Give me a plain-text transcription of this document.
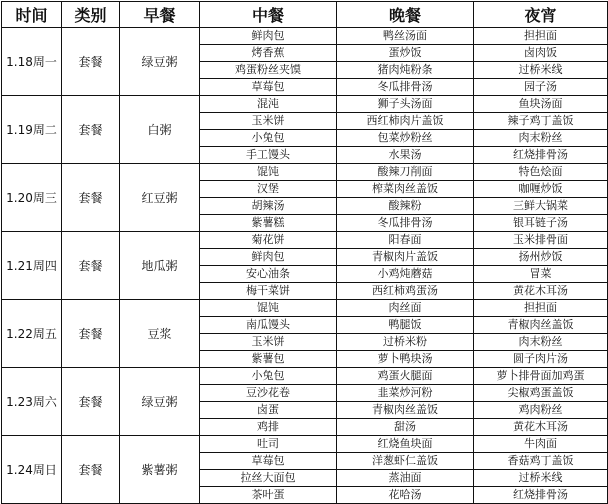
时间	类别	早餐	中餐	晚餐	夜宵	
1.18周一	套餐	绿豆粥	鲜肉包	鸭丝汤面	担担面	
			烤香蕉	蛋炒饭	卤肉饭	
			鸡蛋粉丝夹馍	猪肉炖粉条	过桥米线	
			草莓包	冬瓜排骨汤	园子汤	
1.19周二	套餐	白粥	混沌	狮子头汤面	鱼块汤面	
			玉米饼	西红柿肉片盖饭	辣子鸡丁盖饭	
			小兔包	包菜炒粉丝	肉末粉丝	
			手工馒头	水果汤	红烧排骨汤	
1.20周三	套餐	红豆粥	馄饨	酸辣刀削面	特色烩面	
			汉堡	榨菜肉丝盖饭	咖喱炒饭	
			胡辣汤	酸辣粉	三鲜大锅菜	
			紫薯糕	冬瓜排骨汤	银耳链子汤	
1.21周四	套餐	地瓜粥	菊花饼	阳春面	玉米排骨面	
			鲜肉包	青椒肉片盖饭	扬州炒饭	
			安心油条	小鸡炖蘑菇	冒菜	
			梅干菜饼	西红柿鸡蛋汤	黄花木耳汤	
1.22周五	套餐	豆浆	馄饨	肉丝面	担担面	
			南瓜馒头	鸭腿饭	青椒肉丝盖饭	
			玉米饼	过桥米粉	肉末粉丝	
			紫薯包	萝卜鸭块汤	圆子肉片汤	
1.23周六	套餐	绿豆粥	小兔包	鸡蛋火腿面	萝卜排骨面加鸡蛋	
			豆沙花卷	韭菜炒河粉	尖椒鸡蛋盖饭	
			卤蛋	青椒肉丝盖饭	鸡肉粉丝	
			鸡排	甜汤	黄花木耳汤	
1.24周日	套餐	紫薯粥	吐司	红烧鱼块面	牛肉面	
			草莓包	洋葱虾仁盖饭	香菇鸡丁盖饭	
			拉丝大面包	蒸油面	过桥米线	
			茶叶蛋	花哈汤	红烧排骨汤	
